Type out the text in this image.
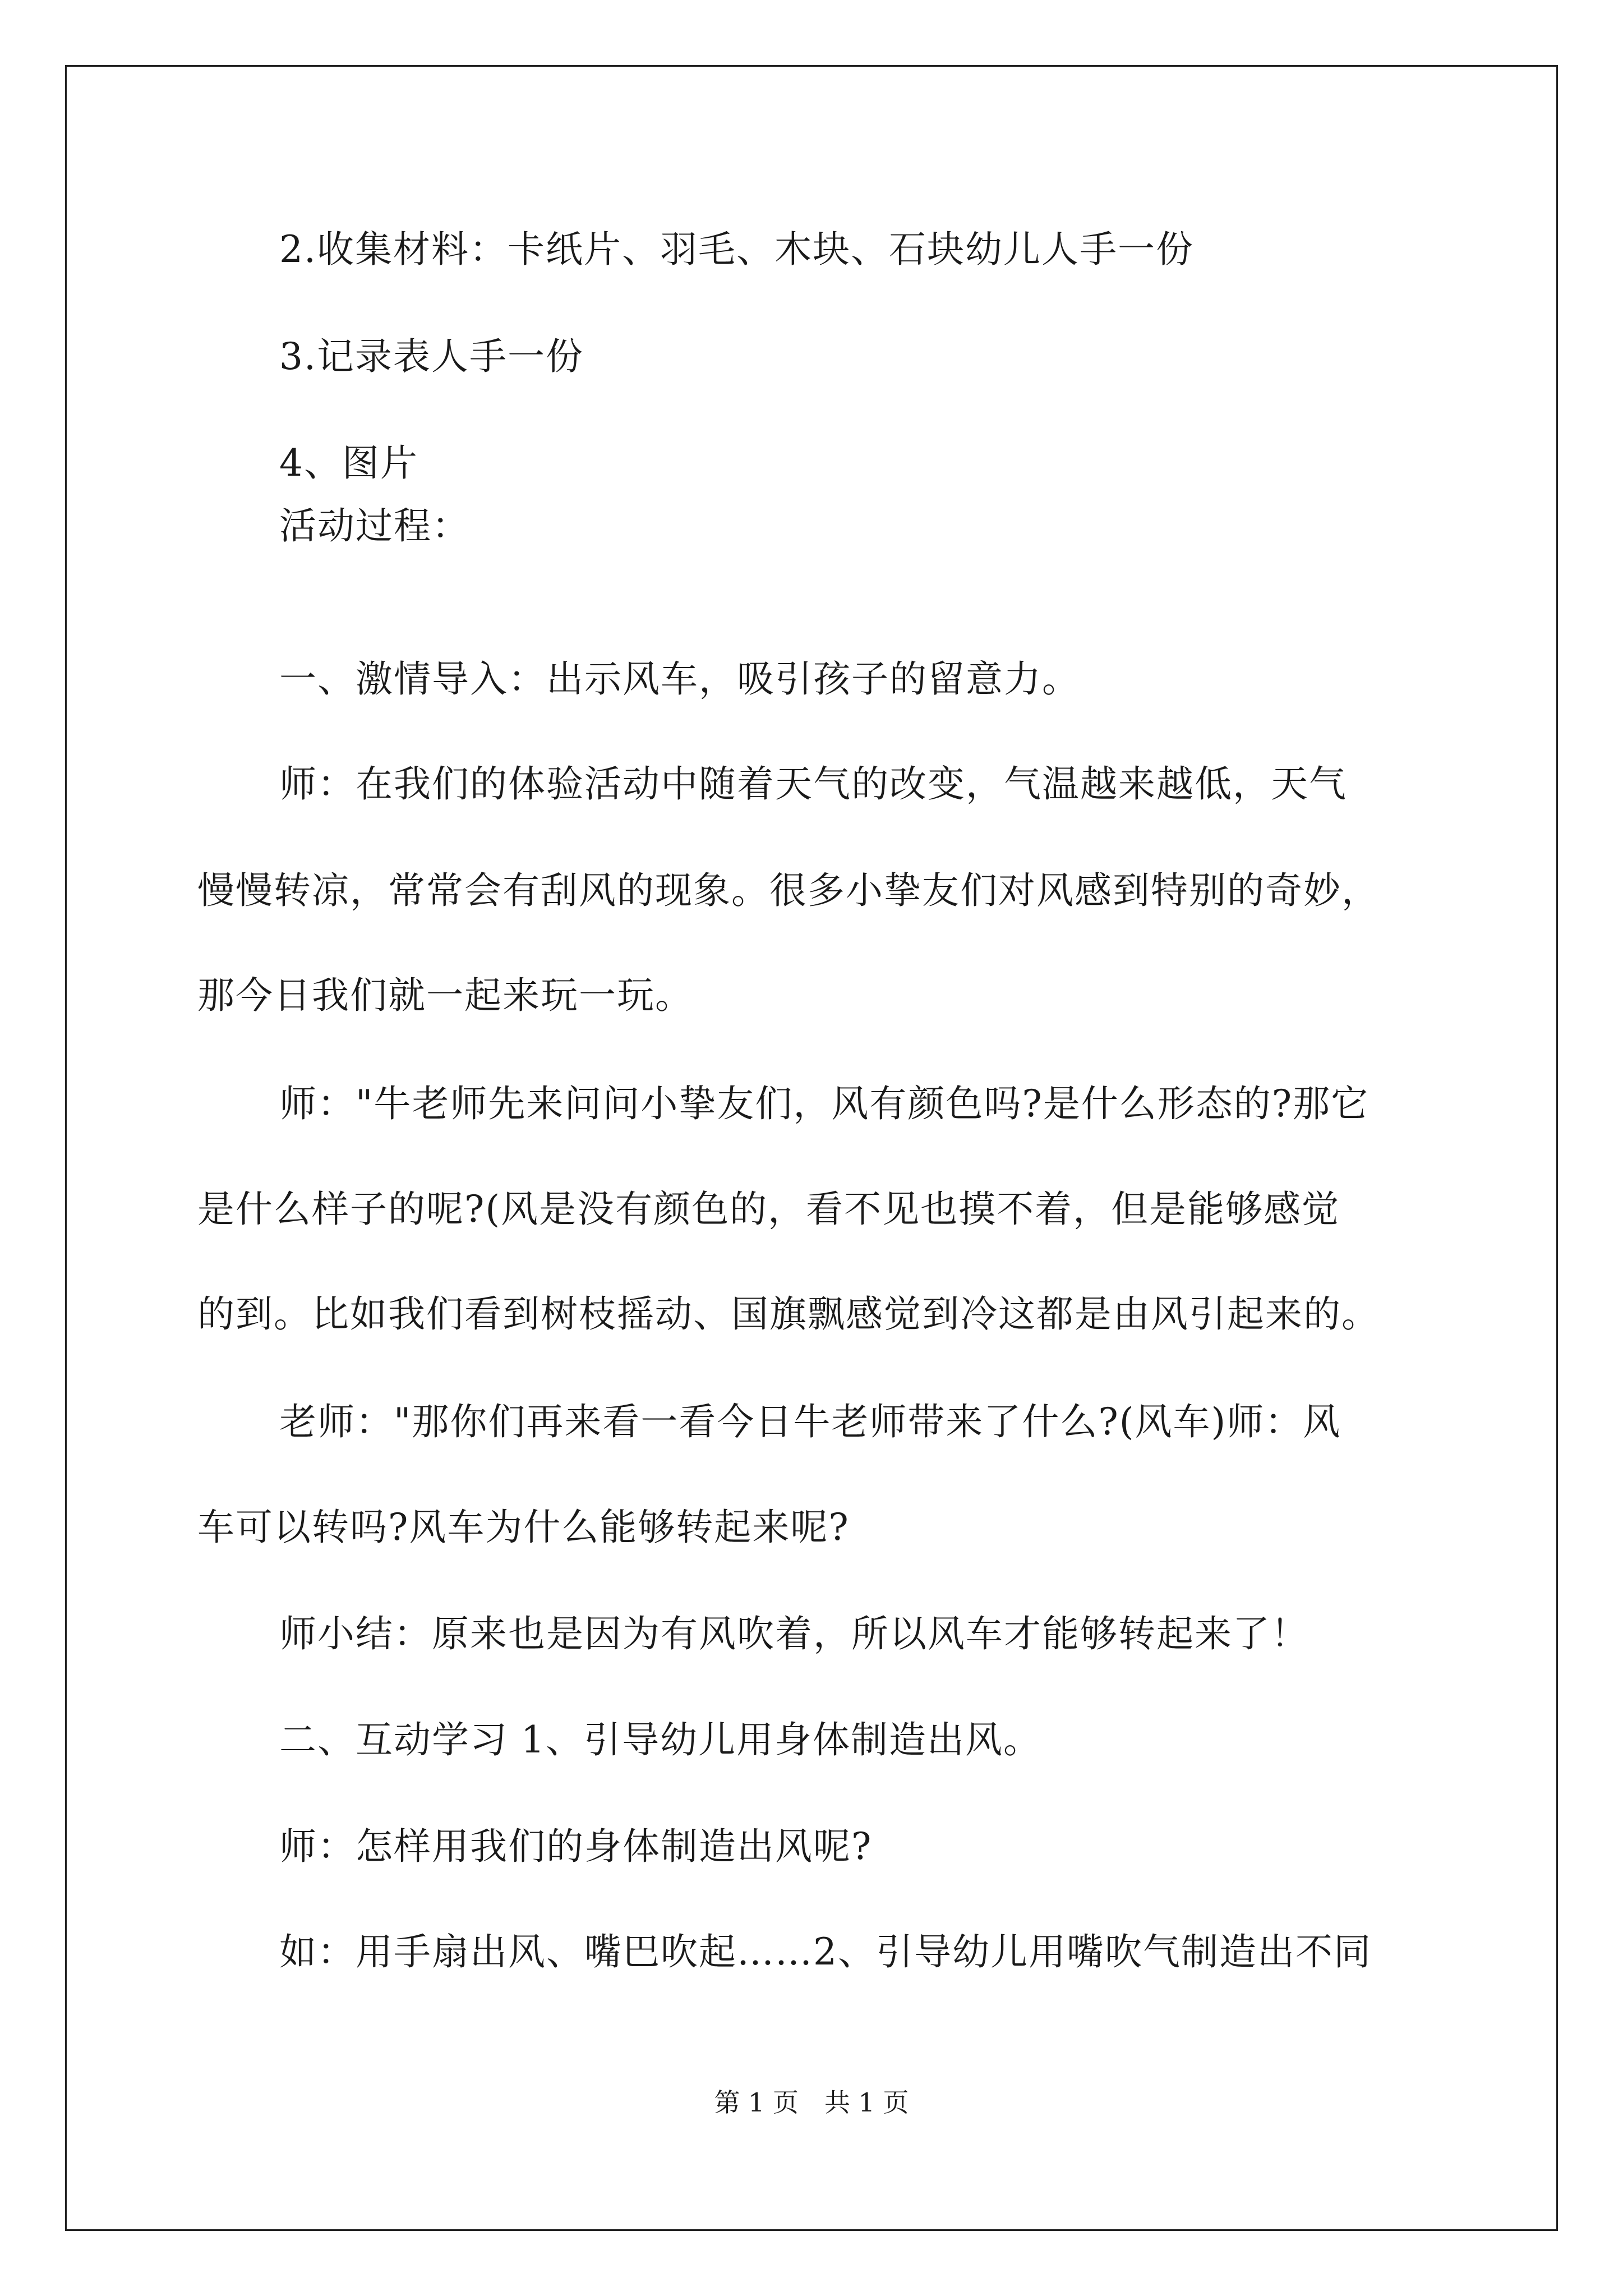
2.收集材料：卡纸片、羽毛、木块、石块幼儿人手一份
3.记录表人手一份
4、图片
活动过程：
一、激情导入：出示风车，吸引孩子的留意力。
师：在我们的体验活动中随着天气的改变，气温越来越低，天气
慢慢转凉，常常会有刮风的现象。很多小挚友们对风感到特别的奇妙，
那今日我们就一起来玩一玩。
师："牛老师先来问问小挚友们，风有颜色吗?是什么形态的?那它
是什么样子的呢?(风是没有颜色的，看不见也摸不着，但是能够感觉
的到。比如我们看到树枝摇动、国旗飘感觉到冷这都是由风引起来的。
老师："那你们再来看一看今日牛老师带来了什么?(风车)师：风
车可以转吗?风车为什么能够转起来呢?
师小结：原来也是因为有风吹着，所以风车才能够转起来了！
二、互动学习 1、引导幼儿用身体制造出风。
师：怎样用我们的身体制造出风呢?
如：用手扇出风、嘴巴吹起……2、引导幼儿用嘴吹气制造出不同
第 1 页　共 1 页
